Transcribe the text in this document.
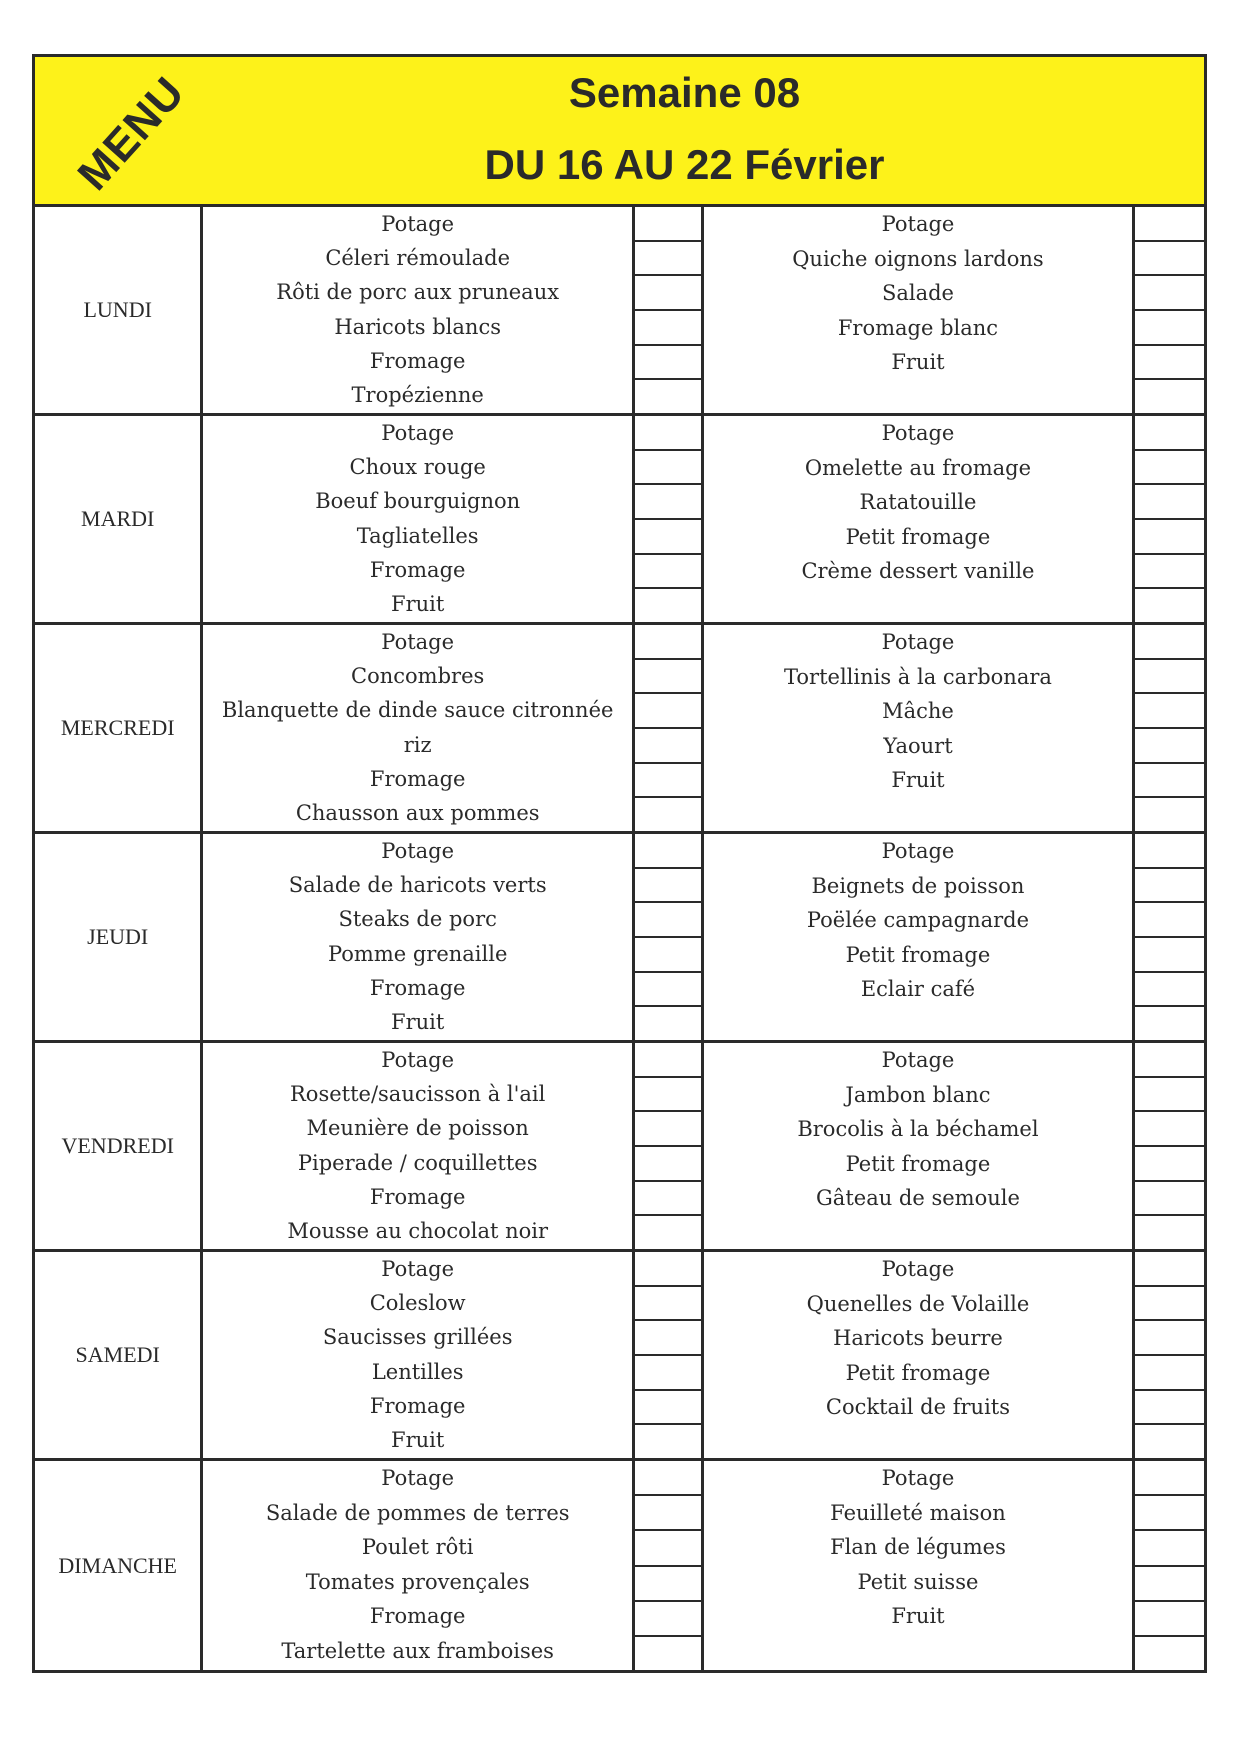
MENU	Semaine 08
DU 16 AU 22 Février
LUNDI
Potage
Céleri rémoulade
Rôti de porc aux pruneaux
Haricots blancs
Fromage
Tropézienne
Potage
Quiche oignons lardons
Salade
Fromage blanc
Fruit
MARDI
Potage
Choux rouge
Boeuf bourguignon
Tagliatelles
Fromage
Fruit
Potage
Omelette au fromage
Ratatouille
Petit fromage
Crème dessert vanille
MERCREDI
Potage
Concombres
Blanquette de dinde sauce citronnée
riz
Fromage
Chausson aux pommes
Potage
Tortellinis à la carbonara
Mâche
Yaourt
Fruit
JEUDI
Potage
Salade de haricots verts
Steaks de porc
Pomme grenaille
Fromage
Fruit
Potage
Beignets de poisson
Poëlée campagnarde
Petit fromage
Eclair café
VENDREDI
Potage
Rosette/saucisson à l'ail
Meunière de poisson
Piperade / coquillettes
Fromage
Mousse au chocolat noir
Potage
Jambon blanc
Brocolis à la béchamel
Petit fromage
Gâteau de semoule
SAMEDI
Potage
Coleslow
Saucisses grillées
Lentilles
Fromage
Fruit
Potage
Quenelles de Volaille
Haricots beurre
Petit fromage
Cocktail de fruits
DIMANCHE
Potage
Salade de pommes de terres
Poulet rôti
Tomates provençales
Fromage
Tartelette aux framboises
Potage
Feuilleté maison
Flan de légumes
Petit suisse
Fruit
